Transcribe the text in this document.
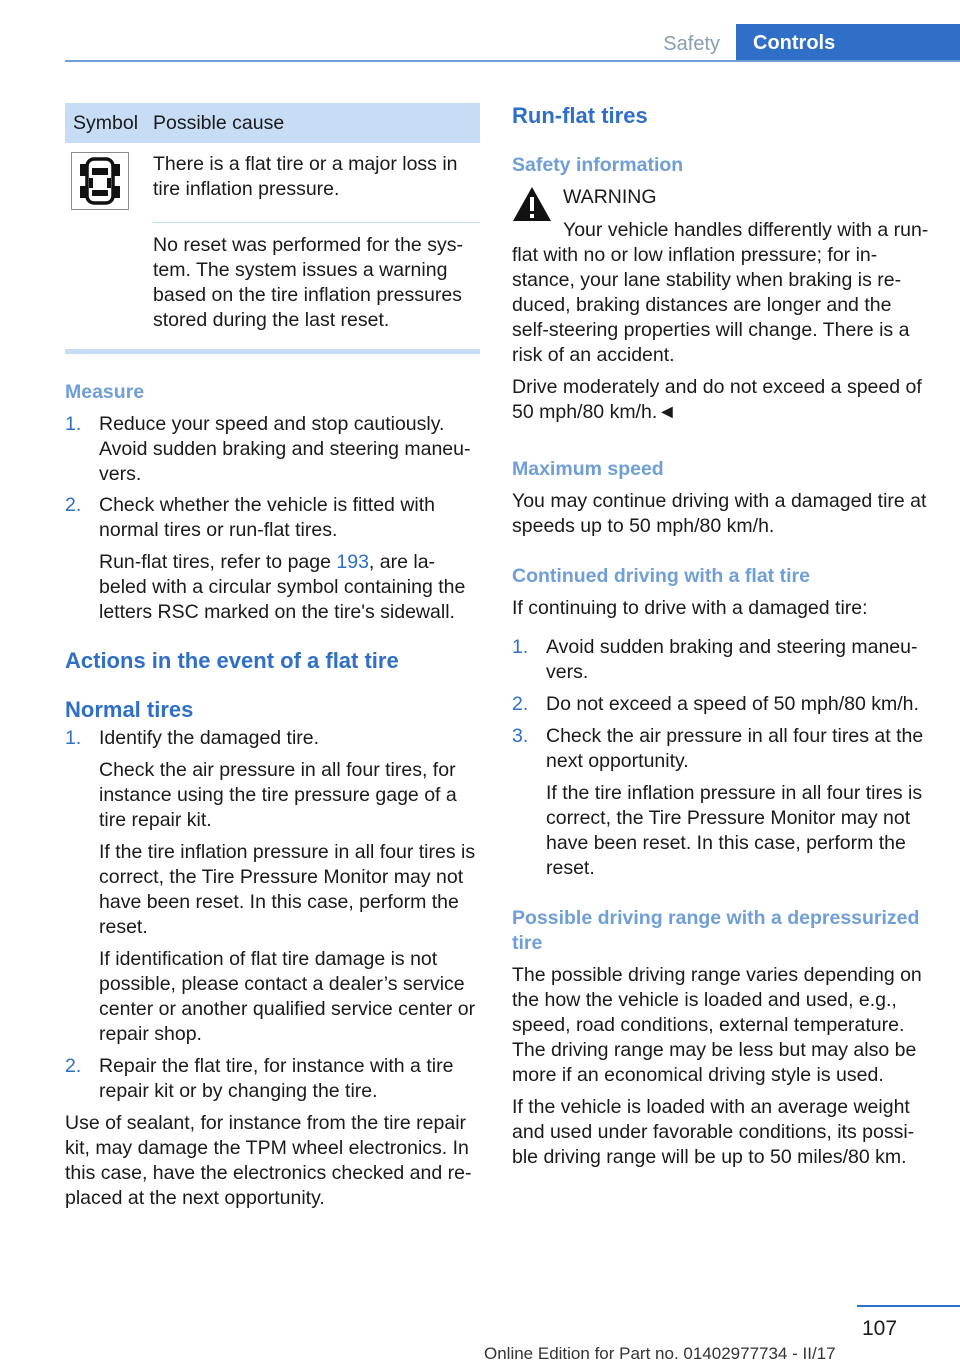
Safety	Controls
Symbol Possible cause
There is a flat tire or a major loss in tire inflation pressure.
No reset was performed for the sys-tem. The system issues a warning based on the tire inflation pressures stored during the last reset.
Measure
1. Reduce your speed and stop cautiously. Avoid sudden braking and steering maneu-vers.
2. Check whether the vehicle is fitted with normal tires or run-flat tires.
Run-flat tires, refer to page 193, are la-beled with a circular symbol containing the letters RSC marked on the tire's sidewall.
Actions in the event of a flat tire
Normal tires
1. Identify the damaged tire.
Check the air pressure in all four tires, for instance using the tire pressure gage of a tire repair kit.
If the tire inflation pressure in all four tires is correct, the Tire Pressure Monitor may not have been reset. In this case, perform the reset.
If identification of flat tire damage is not possible, please contact a dealer’s service center or another qualified service center or repair shop.
2. Repair the flat tire, for instance with a tire repair kit or by changing the tire.
Use of sealant, for instance from the tire repair kit, may damage the TPM wheel electronics. In this case, have the electronics checked and re-placed at the next opportunity.
Run-flat tires
Safety information
WARNING
Your vehicle handles differently with a run-flat with no or low inflation pressure; for in-stance, your lane stability when braking is re-duced, braking distances are longer and the self-steering properties will change. There is a risk of an accident.
Drive moderately and do not exceed a speed of 50 mph/80 km/h.◄
Maximum speed
You may continue driving with a damaged tire at speeds up to 50 mph/80 km/h.
Continued driving with a flat tire
If continuing to drive with a damaged tire:
1. Avoid sudden braking and steering maneu-vers.
2. Do not exceed a speed of 50 mph/80 km/h.
3. Check the air pressure in all four tires at the next opportunity.
If the tire inflation pressure in all four tires is correct, the Tire Pressure Monitor may not have been reset. In this case, perform the reset.
Possible driving range with a depressurized tire
The possible driving range varies depending on the how the vehicle is loaded and used, e.g., speed, road conditions, external temperature. The driving range may be less but may also be more if an economical driving style is used.
If the vehicle is loaded with an average weight and used under favorable conditions, its possi-ble driving range will be up to 50 miles/80 km.
107
Online Edition for Part no. 01402977734 - II/17
